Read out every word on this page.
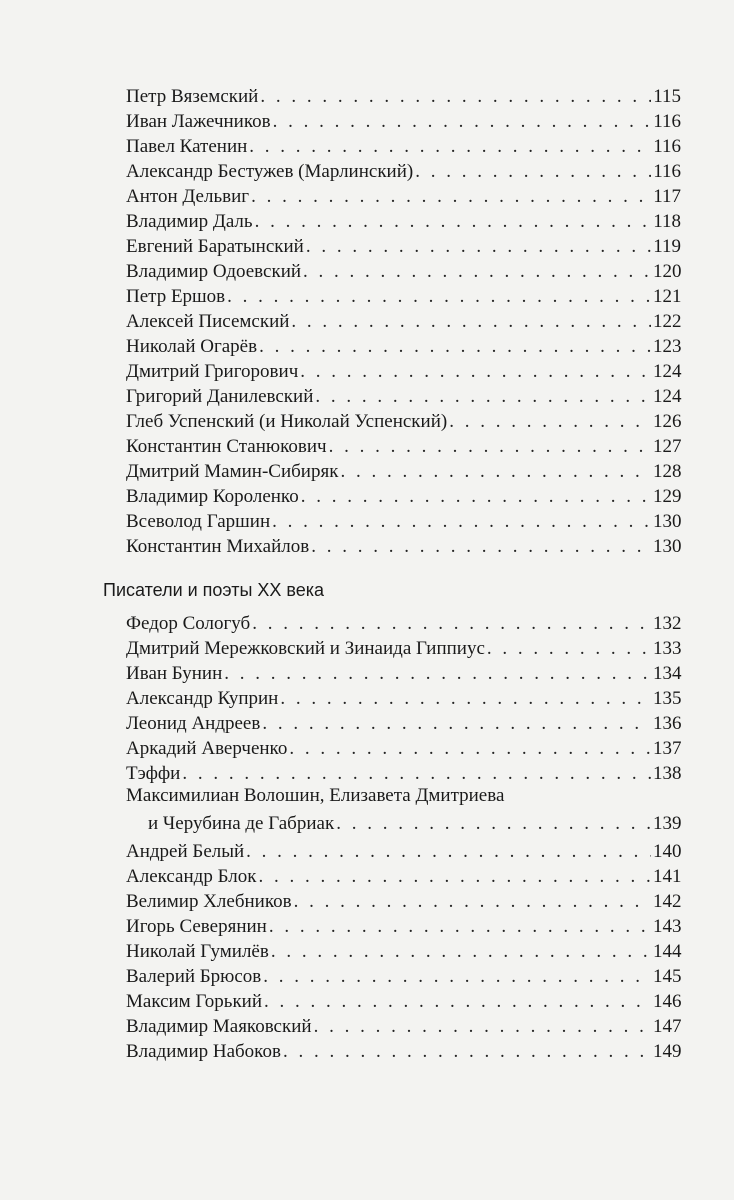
Петр Вяземский . . .	115
Иван Лажечников . . .	116
Павел Катенин . . .	116
Александр Бестужев (Марлинский) . . .	116
Антон Дельвиг . . .	117
Владимир Даль . . .	118
Евгений Баратынский . . .	119
Владимир Одоевский . . .	120
Петр Ершов . . .	121
Алексей Писемский . . .	122
Николай Огарёв . . .	123
Дмитрий Григорович . . .	124
Григорий Данилевский . . .	124
Глеб Успенский (и Николай Успенский) . . .	126
Константин Станюкович . . .	127
Дмитрий Мамин-Сибиряк . . .	128
Владимир Короленко . . .	129
Всеволод Гаршин . . .	130
Константин Михайлов . . .	130
Писатели и поэты XX века
Федор Сологуб . . .	132
Дмитрий Мережковский и Зинаида Гиппиус . . .	133
Иван Бунин . . .	134
Александр Куприн . . .	135
Леонид Андреев . . .	136
Аркадий Аверченко . . .	137
Тэффи . . .	138
Максимилиан Волошин, Елизавета Дмитриева
и Черубина де Габриак . . .	139
Андрей Белый . . .	140
Александр Блок . . .	141
Велимир Хлебников . . .	142
Игорь Северянин . . .	143
Николай Гумилёв . . .	144
Валерий Брюсов . . .	145
Максим Горький . . .	146
Владимир Маяковский . . .	147
Владимир Набоков . . .	149
